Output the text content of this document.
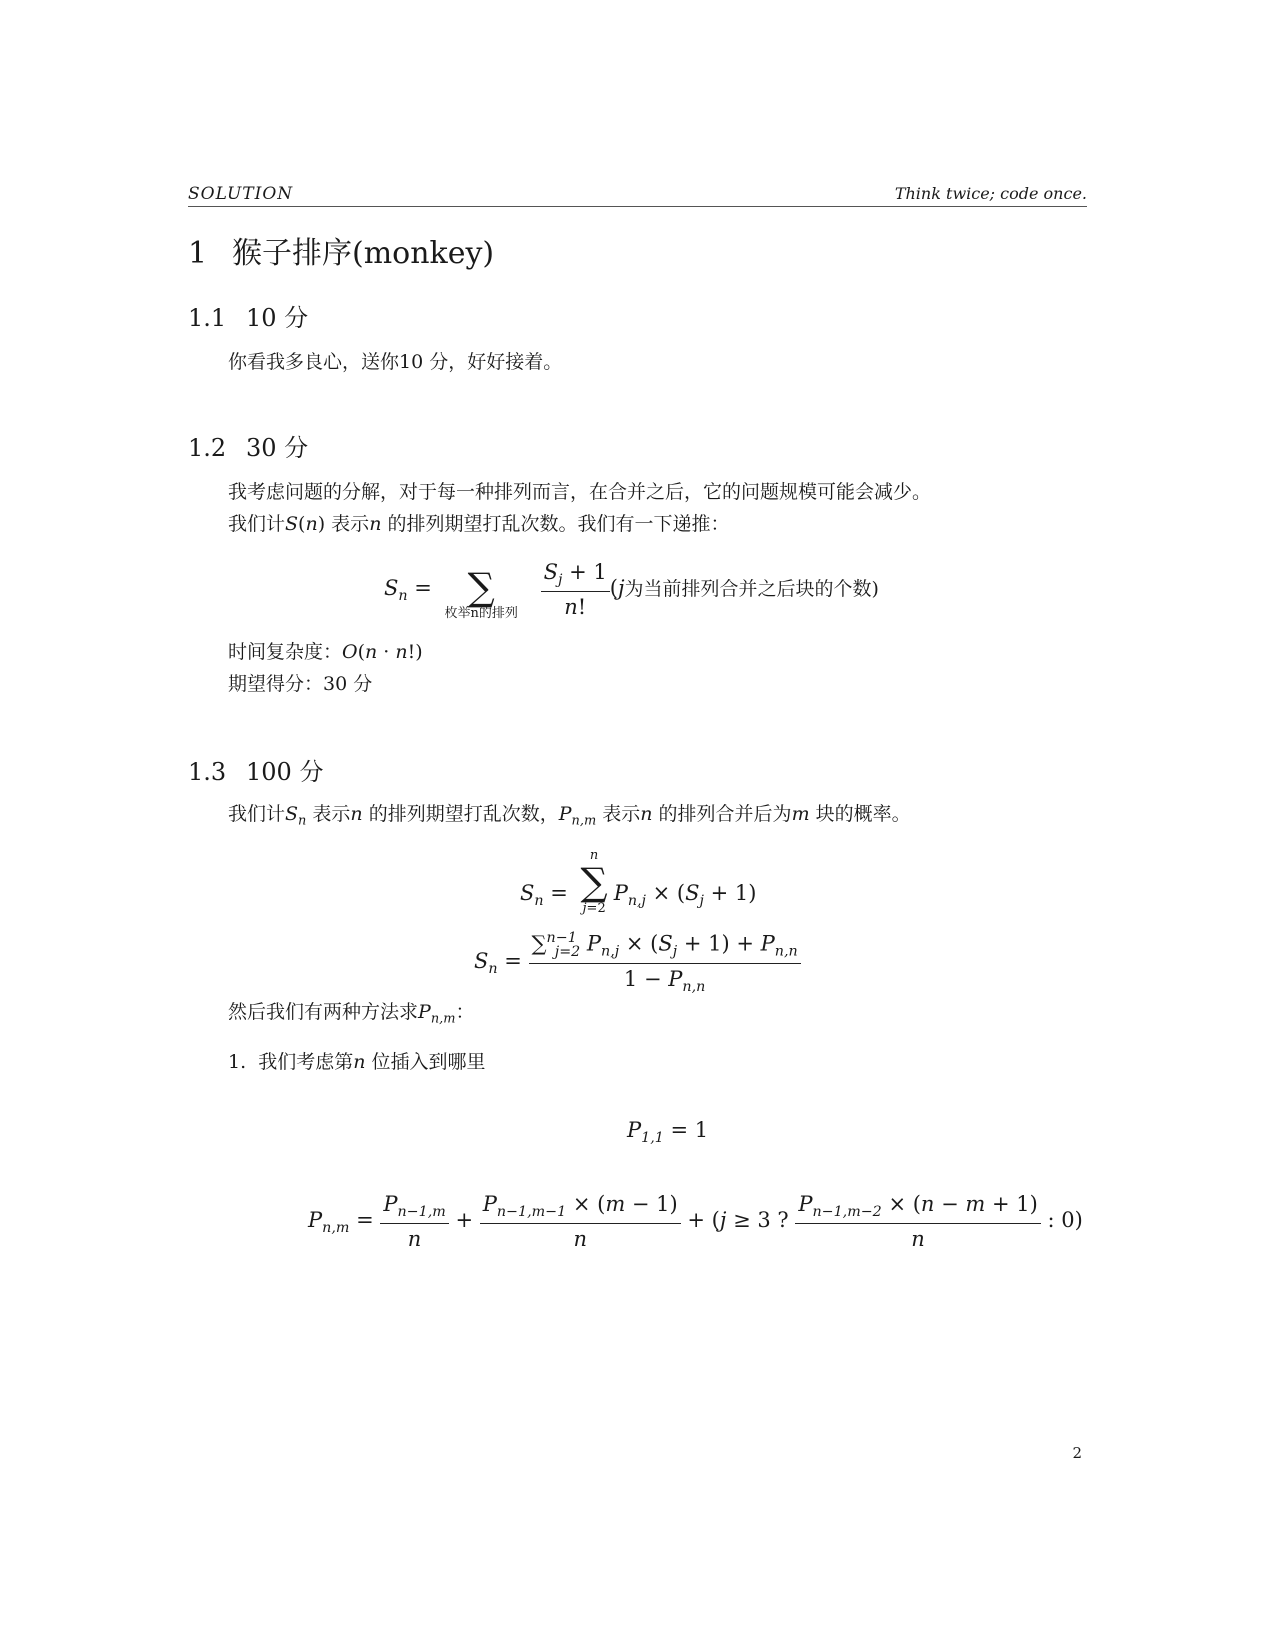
SOLUTION	Think twice; code once.
1 猴子排序(monkey)
1.1 10 分
你看我多良心，送你10 分，好好接着。
1.2 30 分
我考虑问题的分解，对于每一种排列而言，在合并之后，它的问题规模可能会减少。
我们计S(n) 表示n 的排列期望打乱次数。我们有一下递推：
$S_n$ = ∑
枚举n的排列
$\frac{S_j + 1}{n!} (j$为当前排列合并之后块的个数)
时间复杂度：O(n · n!)
期望得分：30 分
1.3 100 分
我们计$S_n$ 表示n 的排列期望打乱次数，$P_{n,m}$ 表示n 的排列合并后为m 块的概率。
$S_n$ =
n
∑
j=2
$P_{n,j} \times (S_j + 1)$
$S_n = \frac{\sum^{n-1}_{j=2} P_{n,j} \times (S_j + 1) + P_{n,n}}{1 - P_{n,n}}$
然后我们有两种方法求$P_{n,m}$：
1. 我们考虑第n 位插入到哪里
$P_{1,1} = 1$
$P_{n,m} = \frac{P_{n-1,m}}{n} + \frac{P_{n-1,m-1} \times (m - 1)}{n} + (j \ge 3$ ? $\frac{P_{n-1,m-2} \times (n - m + 1)}{n}$ : 0)
2
